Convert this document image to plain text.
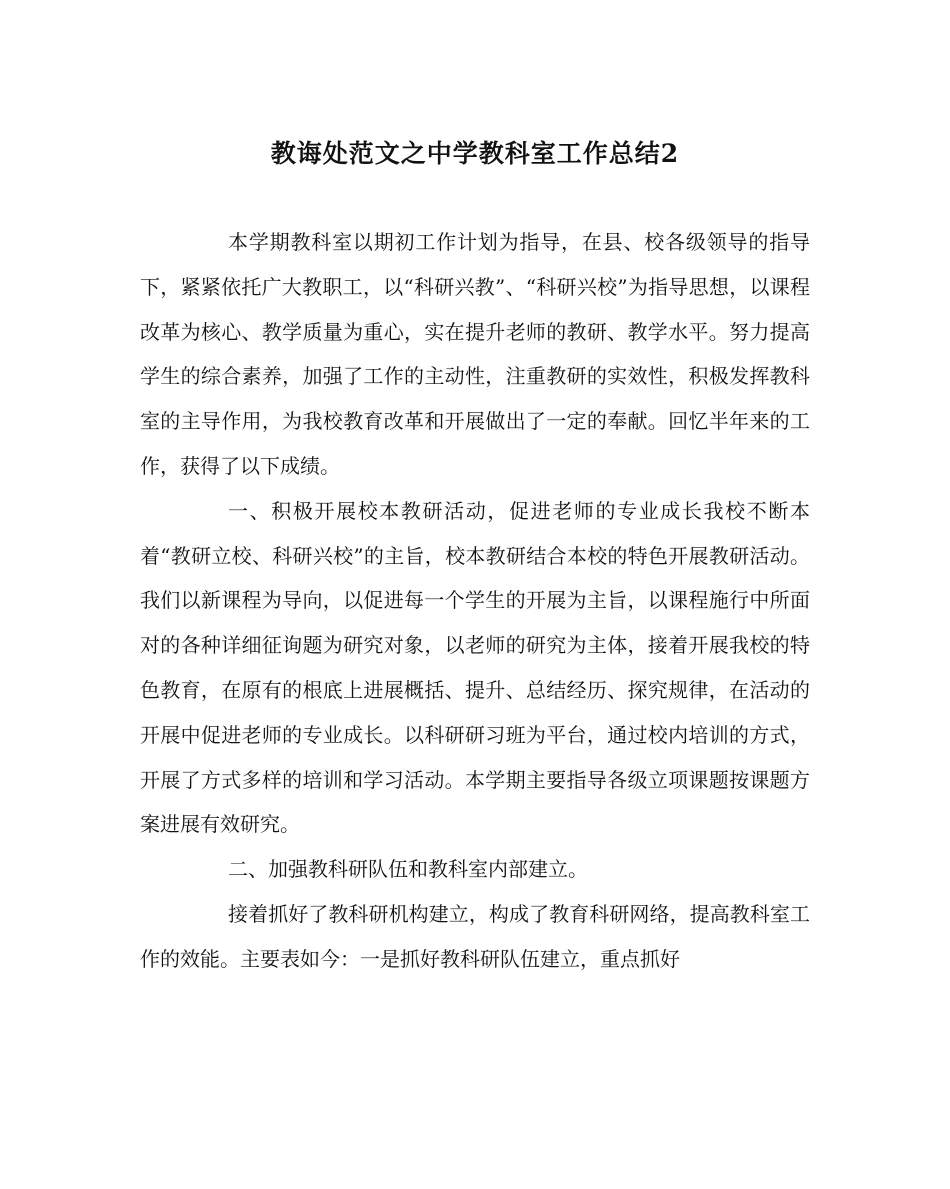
教诲处范文之中学教科室工作总结2

本学期教科室以期初工作计划为指导，在县、校各级领导的指导下，紧紧依托广大教职工，以“科研兴教”、“科研兴校”为指导思想，以课程改革为核心、教学质量为重心，实在提升老师的教研、教学水平。努力提高学生的综合素养，加强了工作的主动性，注重教研的实效性，积极发挥教科室的主导作用，为我校教育改革和开展做出了一定的奉献。回忆半年来的工作，获得了以下成绩。

一、积极开展校本教研活动，促进老师的专业成长我校不断本着“教研立校、科研兴校”的主旨，校本教研结合本校的特色开展教研活动。我们以新课程为导向，以促进每一个学生的开展为主旨，以课程施行中所面对的各种详细征询题为研究对象，以老师的研究为主体，接着开展我校的特色教育，在原有的根底上进展概括、提升、总结经历、探究规律，在活动的开展中促进老师的专业成长。以科研研习班为平台，通过校内培训的方式，开展了方式多样的培训和学习活动。本学期主要指导各级立项课题按课题方案进展有效研究。

二、加强教科研队伍和教科室内部建立。

接着抓好了教科研机构建立，构成了教育科研网络，提高教科室工作的效能。主要表如今：一是抓好教科研队伍建立，重点抓好
